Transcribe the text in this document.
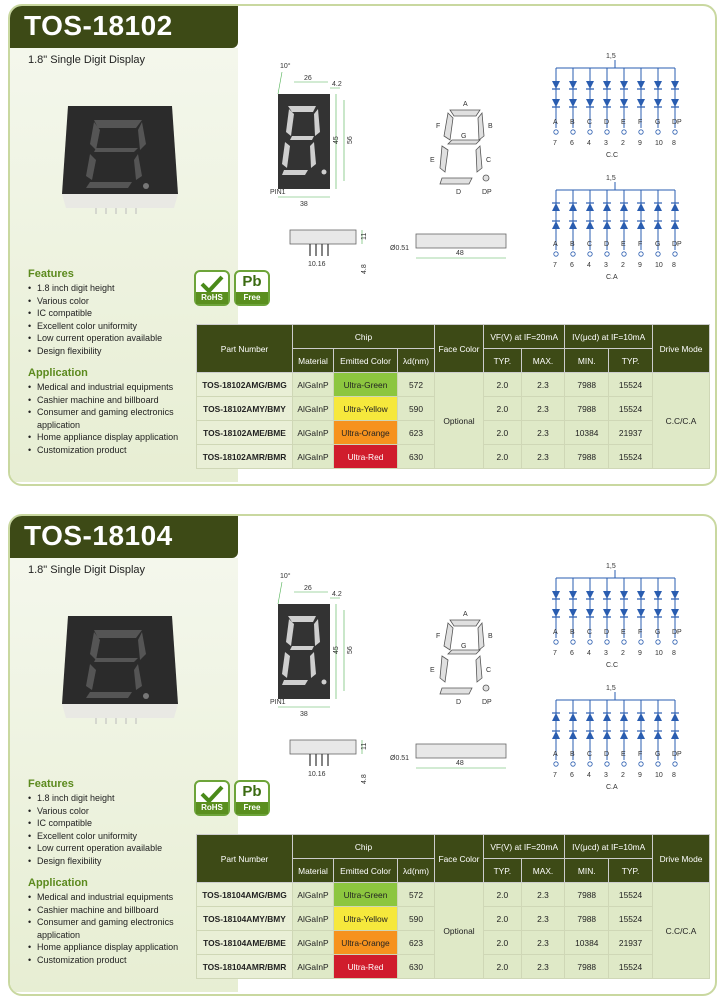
TOS-18102
1.8" Single Digit Display
Features
• 1.8 inch digit height
• Various color
• IC compatible
• Excellent color uniformity
• Low current operation available
• Design flexibility
Application
• Medical and industrial equipments
• Cashier machine and billboard
• Consumer and gaming electronics application
• Home appliance display application
• Customization product
RoHS
Pb
Free
10°
26
4.2
45 56
PIN1
38
11
10.16	4.8
Ø0.51
48
A
F	B
G
E	C
D	DP
1,5
A
7
B
6
C
4
D
3
E
2
F
9
G
10
DP
8
C.C
1,5
A
7
B
6
C
4
D
3
E
2
F
9
G
10
DP
8
C.A
Part Number	Chip			Face Color	VF(V) at IF=20mA		IV(μcd) at IF=10mA		Drive Mode
	Material	Emitted Color	λd(nm)		TYP.	MAX.	MIN.	TYP.	
TOS-18102AMG/BMG	AlGaInP	Ultra-Green	572	Optional	2.0	2.3	7988	15524	C.C/C.A
TOS-18102AMY/BMY	AlGaInP	Ultra-Yellow	590		2.0	2.3	7988	15524	
TOS-18102AME/BME	AlGaInP	Ultra-Orange	623		2.0	2.3	10384	21937	
TOS-18102AMR/BMR	AlGaInP	Ultra-Red	630		2.0	2.3	7988	15524	
TOS-18104
1.8" Single Digit Display
Features
• 1.8 inch digit height
• Various color
• IC compatible
• Excellent color uniformity
• Low current operation available
• Design flexibility
Application
• Medical and industrial equipments
• Cashier machine and billboard
• Consumer and gaming electronics application
• Home appliance display application
• Customization product
RoHS
Pb
Free
10°
26
4.2
45 56
PIN1
38
11
10.16	4.8
Ø0.51
48
A
F	B
G
E	C
D	DP
1,5
A
7
B
6
C
4
D
3
E
2
F
9
G
10
DP
8
C.C
1,5
A
7
B
6
C
4
D
3
E
2
F
9
G
10
DP
8
C.A
Part Number	Chip			Face Color	VF(V) at IF=20mA		IV(μcd) at IF=10mA		Drive Mode
	Material	Emitted Color	λd(nm)		TYP.	MAX.	MIN.	TYP.	
TOS-18104AMG/BMG	AlGaInP	Ultra-Green	572	Optional	2.0	2.3	7988	15524	C.C/C.A
TOS-18104AMY/BMY	AlGaInP	Ultra-Yellow	590		2.0	2.3	7988	15524	
TOS-18104AME/BME	AlGaInP	Ultra-Orange	623		2.0	2.3	10384	21937	
TOS-18104AMR/BMR	AlGaInP	Ultra-Red	630		2.0	2.3	7988	15524	
